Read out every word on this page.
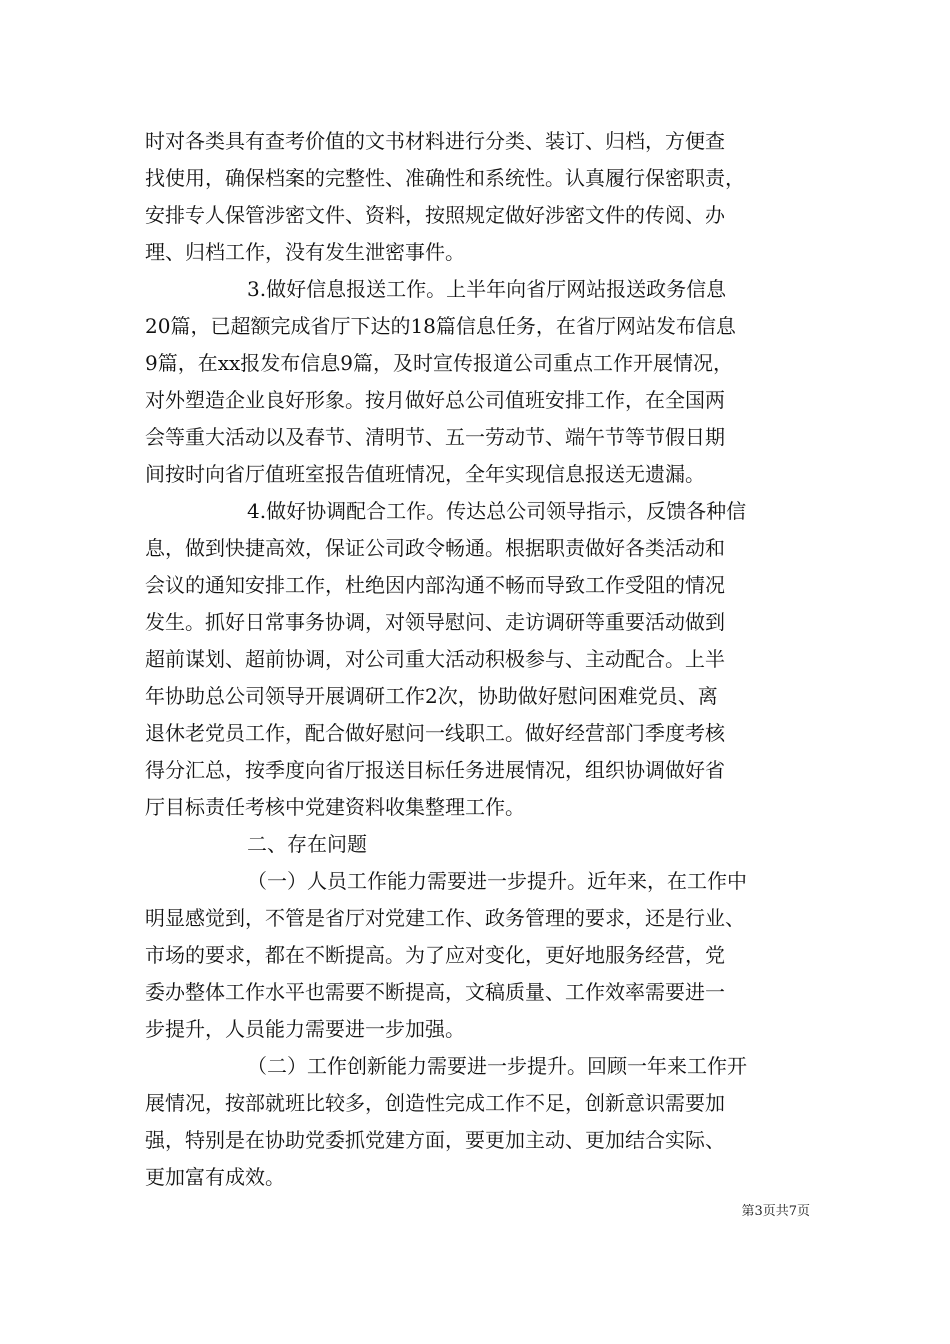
时对各类具有查考价值的文书材料进行分类、装订、归档，方便查
找使用，确保档案的完整性、准确性和系统性。认真履行保密职责，
安排专人保管涉密文件、资料，按照规定做好涉密文件的传阅、办
理、归档工作，没有发生泄密事件。
3.做好信息报送工作。上半年向省厅网站报送政务信息
20篇，已超额完成省厅下达的18篇信息任务，在省厅网站发布信息
9篇，在xx报发布信息9篇，及时宣传报道公司重点工作开展情况，
对外塑造企业良好形象。按月做好总公司值班安排工作，在全国两
会等重大活动以及春节、清明节、五一劳动节、端午节等节假日期
间按时向省厅值班室报告值班情况，全年实现信息报送无遗漏。
4.做好协调配合工作。传达总公司领导指示，反馈各种信
息，做到快捷高效，保证公司政令畅通。根据职责做好各类活动和
会议的通知安排工作，杜绝因内部沟通不畅而导致工作受阻的情况
发生。抓好日常事务协调，对领导慰问、走访调研等重要活动做到
超前谋划、超前协调，对公司重大活动积极参与、主动配合。上半
年协助总公司领导开展调研工作2次，协助做好慰问困难党员、离
退休老党员工作，配合做好慰问一线职工。做好经营部门季度考核
得分汇总，按季度向省厅报送目标任务进展情况，组织协调做好省
厅目标责任考核中党建资料收集整理工作。
二、存在问题
（一）人员工作能力需要进一步提升。近年来，在工作中
明显感觉到，不管是省厅对党建工作、政务管理的要求，还是行业、
市场的要求，都在不断提高。为了应对变化，更好地服务经营，党
委办整体工作水平也需要不断提高，文稿质量、工作效率需要进一
步提升，人员能力需要进一步加强。
（二）工作创新能力需要进一步提升。回顾一年来工作开
展情况，按部就班比较多，创造性完成工作不足，创新意识需要加
强，特别是在协助党委抓党建方面，要更加主动、更加结合实际、
更加富有成效。
第3页共7页
